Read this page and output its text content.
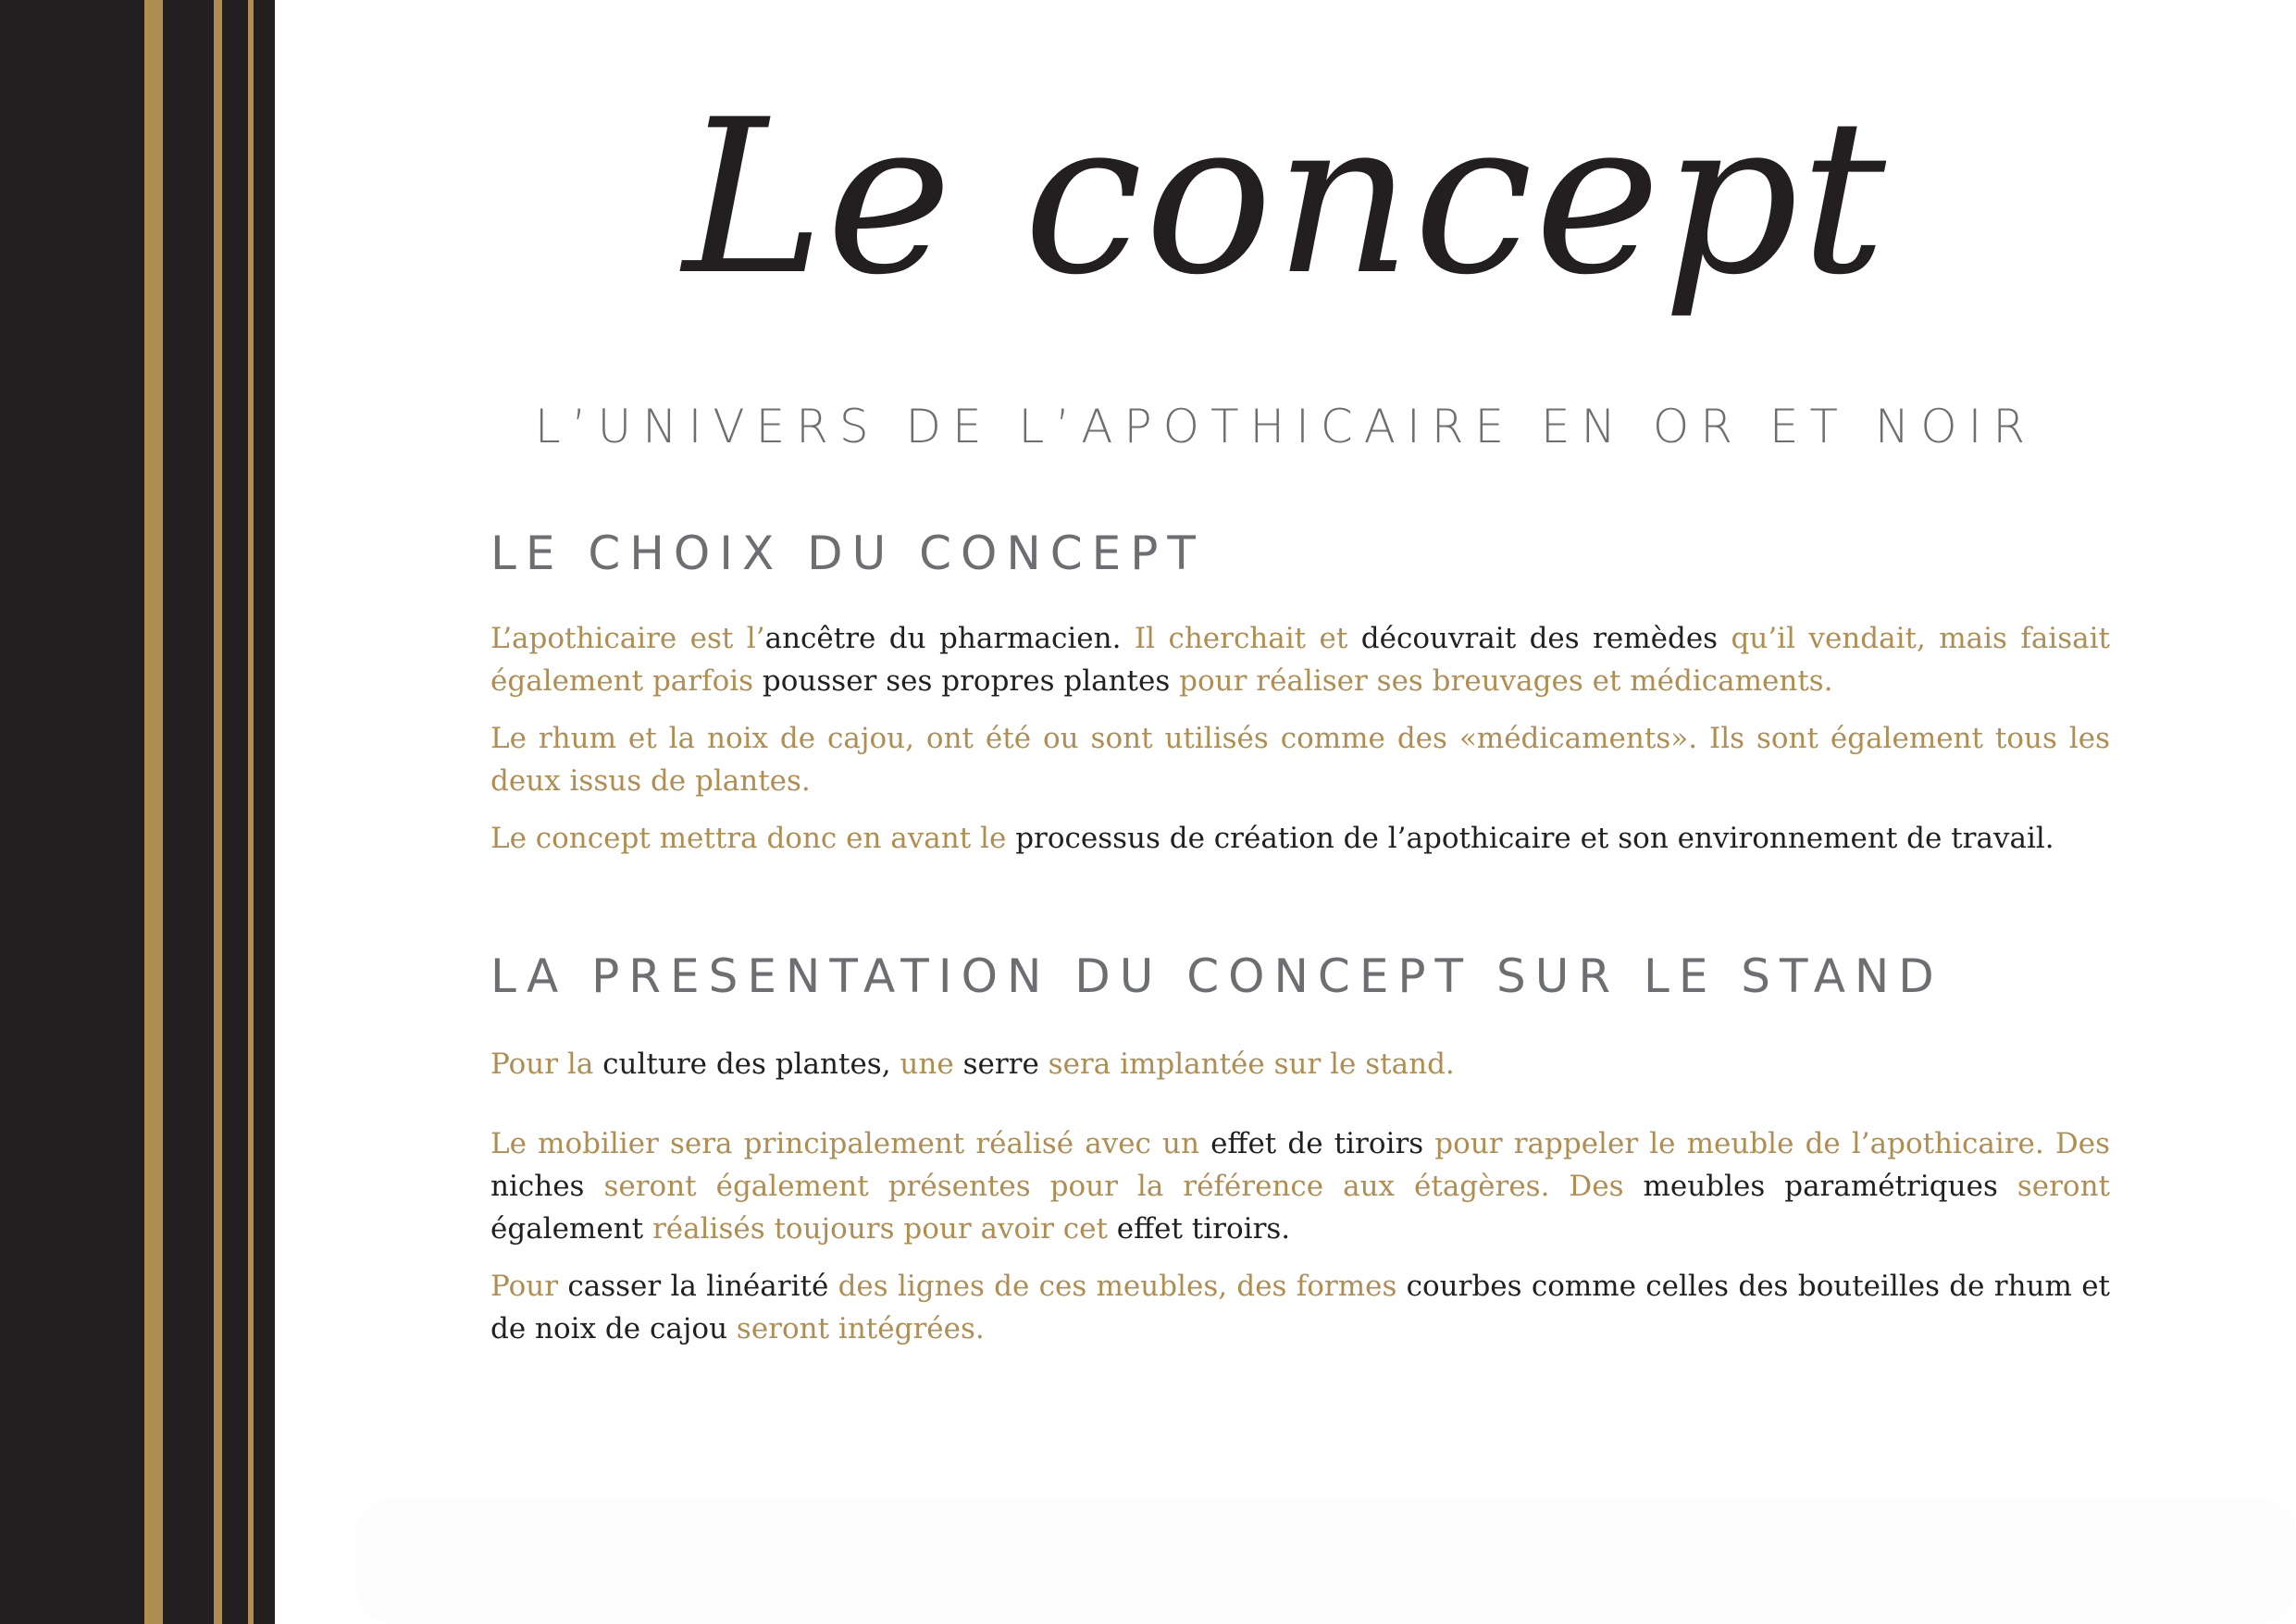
Le concept
L’UNIVERS DE L’APOTHICAIRE EN OR ET NOIR
LE CHOIX DU CONCEPT

L’apothicaire est l’ancêtre du pharmacien. Il cherchait et découvrait des remèdes qu’il vendait, mais faisait également parfois pousser ses propres plantes pour réaliser ses breuvages et médicaments.

Le rhum et la noix de cajou, ont été ou sont utilisés comme des «médicaments». Ils sont également tous les deux issus de plantes.

Le concept mettra donc en avant le processus de création de l’apothicaire et son environnement de travail.

LA PRESENTATION DU CONCEPT SUR LE STAND

Pour la culture des plantes, une serre sera implantée sur le stand.

Le mobilier sera principalement réalisé avec un effet de tiroirs pour rappeler le meuble de l’apothicaire. Des niches seront également présentes pour la référence aux étagères. Des meubles paramétriques seront également réalisés toujours pour avoir cet effet tiroirs.

Pour casser la linéarité des lignes de ces meubles, des formes courbes comme celles des bouteilles de rhum et de noix de cajou seront intégrées.
